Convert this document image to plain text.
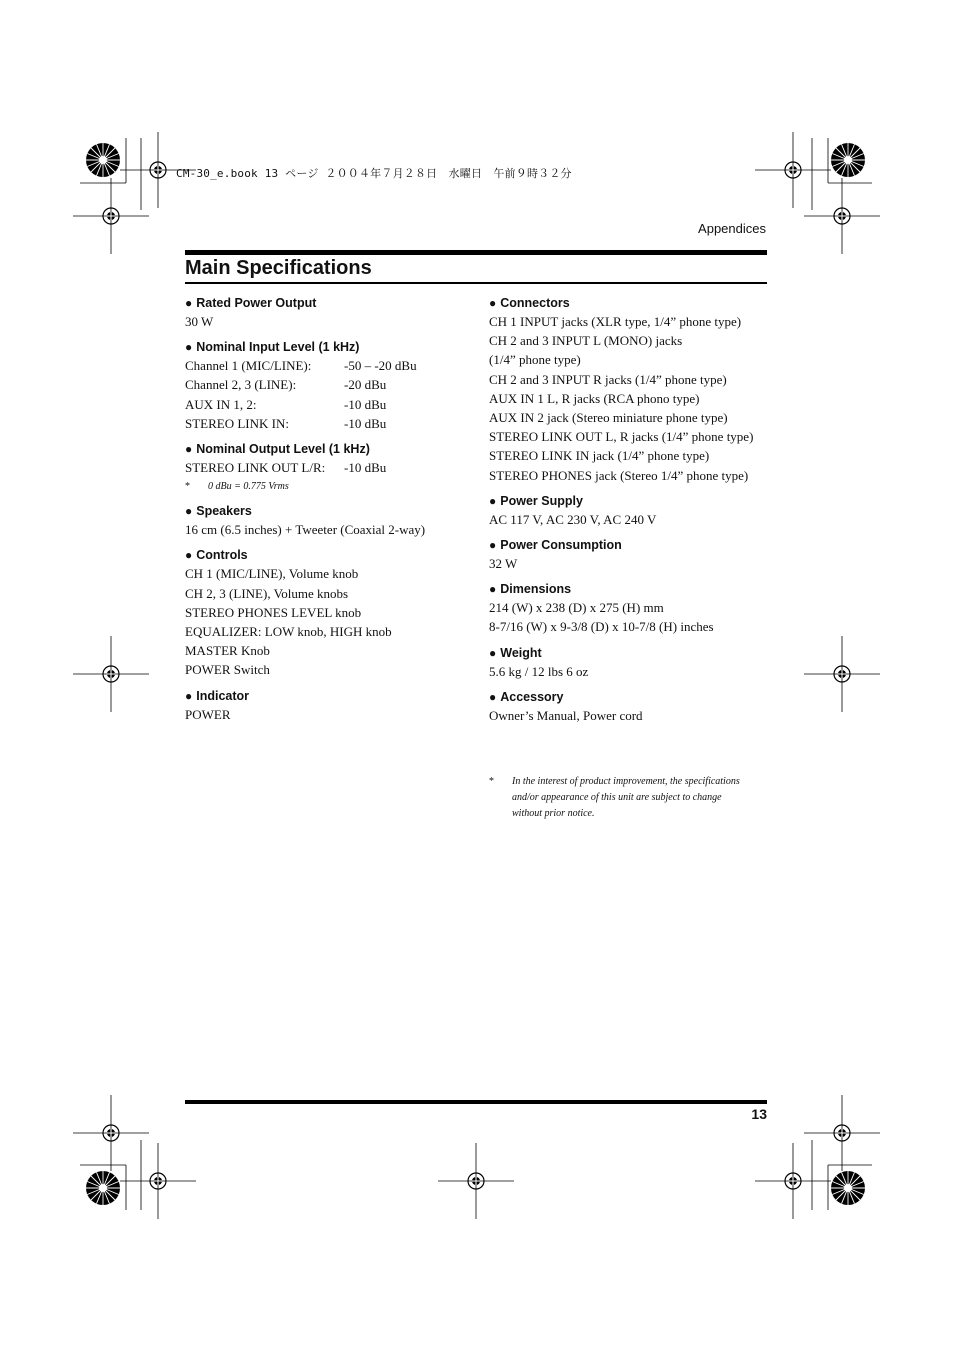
CM-30_e.book 13 ページ ２００４年７月２８日　水曜日　午前９時３２分
Appendices
Main Specifications
● Rated Power Output
30 W
● Nominal Input Level (1 kHz)
Channel 1 (MIC/LINE):	-50 – -20 dBu
Channel 2, 3 (LINE):	-20 dBu
AUX IN 1, 2:	-10 dBu
STEREO LINK IN:	-10 dBu
● Nominal Output Level (1 kHz)
STEREO LINK OUT L/R:	-10 dBu
*	0 dBu = 0.775 Vrms
● Speakers
16 cm (6.5 inches) + Tweeter (Coaxial 2-way)
● Controls
CH 1 (MIC/LINE), Volume knob
CH 2, 3 (LINE), Volume knobs
STEREO PHONES LEVEL knob
EQUALIZER: LOW knob, HIGH knob
MASTER Knob
POWER Switch
● Indicator
POWER
● Connectors
CH 1 INPUT jacks (XLR type, 1/4” phone type)
CH 2 and 3 INPUT L (MONO) jacks
(1/4” phone type)
CH 2 and 3 INPUT R jacks (1/4” phone type)
AUX IN 1 L, R jacks (RCA phono type)
AUX IN 2 jack (Stereo miniature phone type)
STEREO LINK OUT L, R jacks (1/4” phone type)
STEREO LINK IN jack (1/4” phone type)
STEREO PHONES jack (Stereo 1/4” phone type)
● Power Supply
AC 117 V, AC 230 V, AC 240 V
● Power Consumption
32 W
● Dimensions
214 (W) x 238 (D) x 275 (H) mm
8-7/16 (W) x 9-3/8 (D) x 10-7/8 (H) inches
● Weight
5.6 kg / 12 lbs 6 oz
● Accessory
Owner’s Manual, Power cord
*	In the interest of product improvement, the specifications
and/or appearance of this unit are subject to change
without prior notice.
13
